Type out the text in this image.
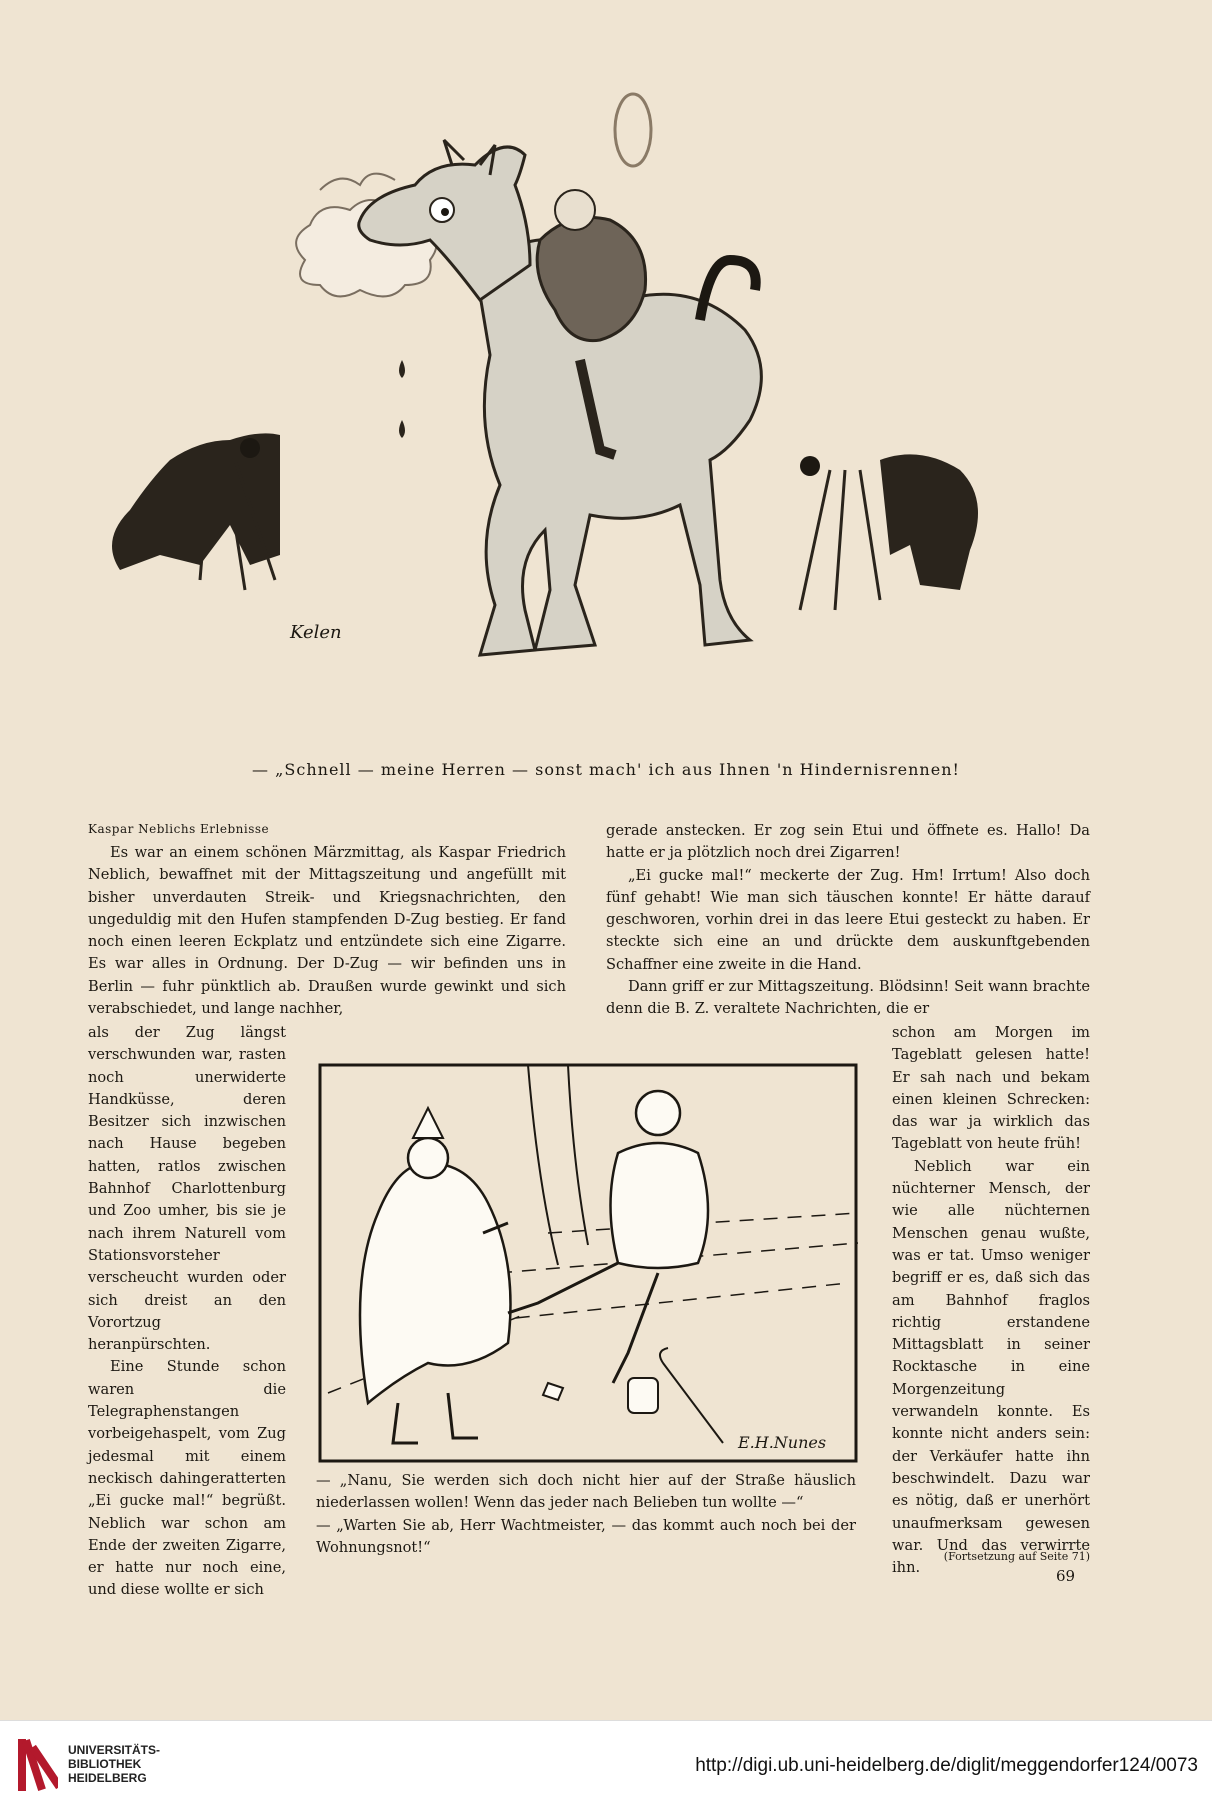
Kelen
— „Schnell — meine Herren — sonst mach' ich aus Ihnen 'n Hindernisrennen!
Kaspar Neblichs Erlebnisse

Es war an einem schönen Märzmittag, als Kaspar Friedrich Neblich, bewaffnet mit der Mittagszeitung und angefüllt mit bisher unverdauten Streik- und Kriegsnachrichten, den ungeduldig mit den Hufen stampfenden D-Zug bestieg. Er fand noch einen leeren Eckplatz und entzündete sich eine Zigarre. Es war alles in Ordnung. Der D-Zug — wir befinden uns in Berlin — fuhr pünktlich ab. Draußen wurde gewinkt und sich verabschiedet, und lange nachher,

als der Zug längst verschwunden war, rasten noch unerwiderte Handküsse, deren Besitzer sich inzwischen nach Hause begeben hatten, ratlos zwischen Bahnhof Charlottenburg und Zoo umher, bis sie je nach ihrem Naturell vom Stationsvorsteher verscheucht wurden oder sich dreist an den Vorortzug heranpürschten.

Eine Stunde schon waren die Telegraphenstangen vorbeigehaspelt, vom Zug jedesmal mit einem neckisch dahingeratterten „Ei gucke mal!“ begrüßt. Neblich war schon am Ende der zweiten Zigarre, er hatte nur noch eine, und diese wollte er sich

gerade anstecken. Er zog sein Etui und öffnete es. Hallo! Da hatte er ja plötzlich noch drei Zigarren!

„Ei gucke mal!“ meckerte der Zug. Hm! Irrtum! Also doch fünf gehabt! Wie man sich täuschen konnte! Er hätte darauf geschworen, vorhin drei in das leere Etui gesteckt zu haben. Er steckte sich eine an und drückte dem auskunftgebenden Schaffner eine zweite in die Hand.

Dann griff er zur Mittagszeitung. Blödsinn! Seit wann brachte denn die B. Z. veraltete Nachrichten, die er

schon am Morgen im Tageblatt gelesen hatte! Er sah nach und bekam einen kleinen Schrecken: das war ja wirklich das Tageblatt von heute früh!

Neblich war ein nüchterner Mensch, der wie alle nüchternen Menschen genau wußte, was er tat. Umso weniger begriff er es, daß sich das am Bahnhof fraglos richtig erstandene Mittagsblatt in seiner Rocktasche in eine Morgenzeitung verwandeln konnte. Es konnte nicht anders sein: der Verkäufer hatte ihn beschwindelt. Dazu war es nötig, daß er unerhört unaufmerksam gewesen war. Und das verwirrte ihn.

E.H.Nunes

— „Nanu, Sie werden sich doch nicht hier auf der Straße häuslich niederlassen wollen! Wenn das jeder nach Belieben tun wollte —“

— „Warten Sie ab, Herr Wachtmeister, — das kommt auch noch bei der Wohnungsnot!“

(Fortsetzung auf Seite 71)
69
UNIVERSITÄTS-
BIBLIOTHEK
HEIDELBERG
http://digi.ub.uni-heidelberg.de/diglit/meggendorfer124/0073
